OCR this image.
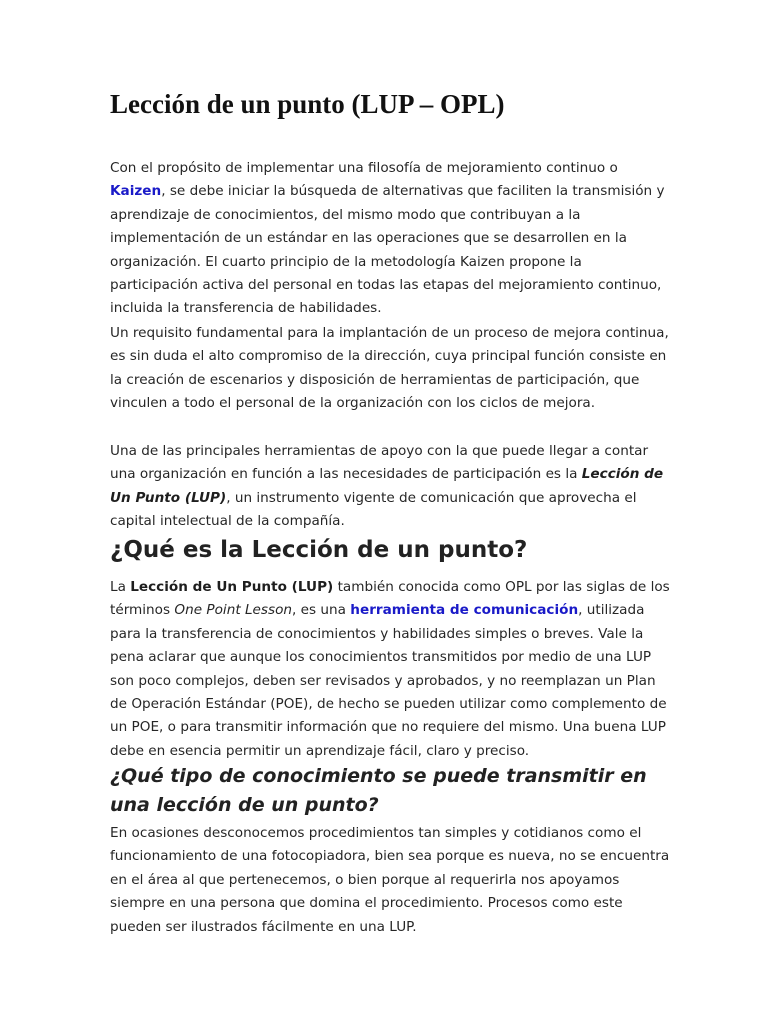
Lección de un punto (LUP – OPL)

Con el propósito de implementar una filosofía de mejoramiento continuo o Kaizen, se debe iniciar la búsqueda de alternativas que faciliten la transmisión y aprendizaje de conocimientos, del mismo modo que contribuyan a la implementación de un estándar en las operaciones que se desarrollen en la organización. El cuarto principio de la metodología Kaizen propone la participación activa del personal en todas las etapas del mejoramiento continuo, incluida la transferencia de habilidades.

Un requisito fundamental para la implantación de un proceso de mejora continua, es sin duda el alto compromiso de la dirección, cuya principal función consiste en la creación de escenarios y disposición de herramientas de participación, que vinculen a todo el personal de la organización con los ciclos de mejora.

Una de las principales herramientas de apoyo con la que puede llegar a contar una organización en función a las necesidades de participación es la Lección de Un Punto (LUP), un instrumento vigente de comunicación que aprovecha el capital intelectual de la compañía.

¿Qué es la Lección de un punto?

La Lección de Un Punto (LUP) también conocida como OPL por las siglas de los términos One Point Lesson, es una herramienta de comunicación, utilizada para la transferencia de conocimientos y habilidades simples o breves. Vale la pena aclarar que aunque los conocimientos transmitidos por medio de una LUP son poco complejos, deben ser revisados y aprobados, y no reemplazan un Plan de Operación Estándar (POE), de hecho se pueden utilizar como complemento de un POE, o para transmitir información que no requiere del mismo. Una buena LUP debe en esencia permitir un aprendizaje fácil, claro y preciso.

¿Qué tipo de conocimiento se puede transmitir en una lección de un punto?

En ocasiones desconocemos procedimientos tan simples y cotidianos como el funcionamiento de una fotocopiadora, bien sea porque es nueva, no se encuentra en el área al que pertenecemos, o bien porque al requerirla nos apoyamos siempre en una persona que domina el procedimiento. Procesos como este pueden ser ilustrados fácilmente en una LUP.
